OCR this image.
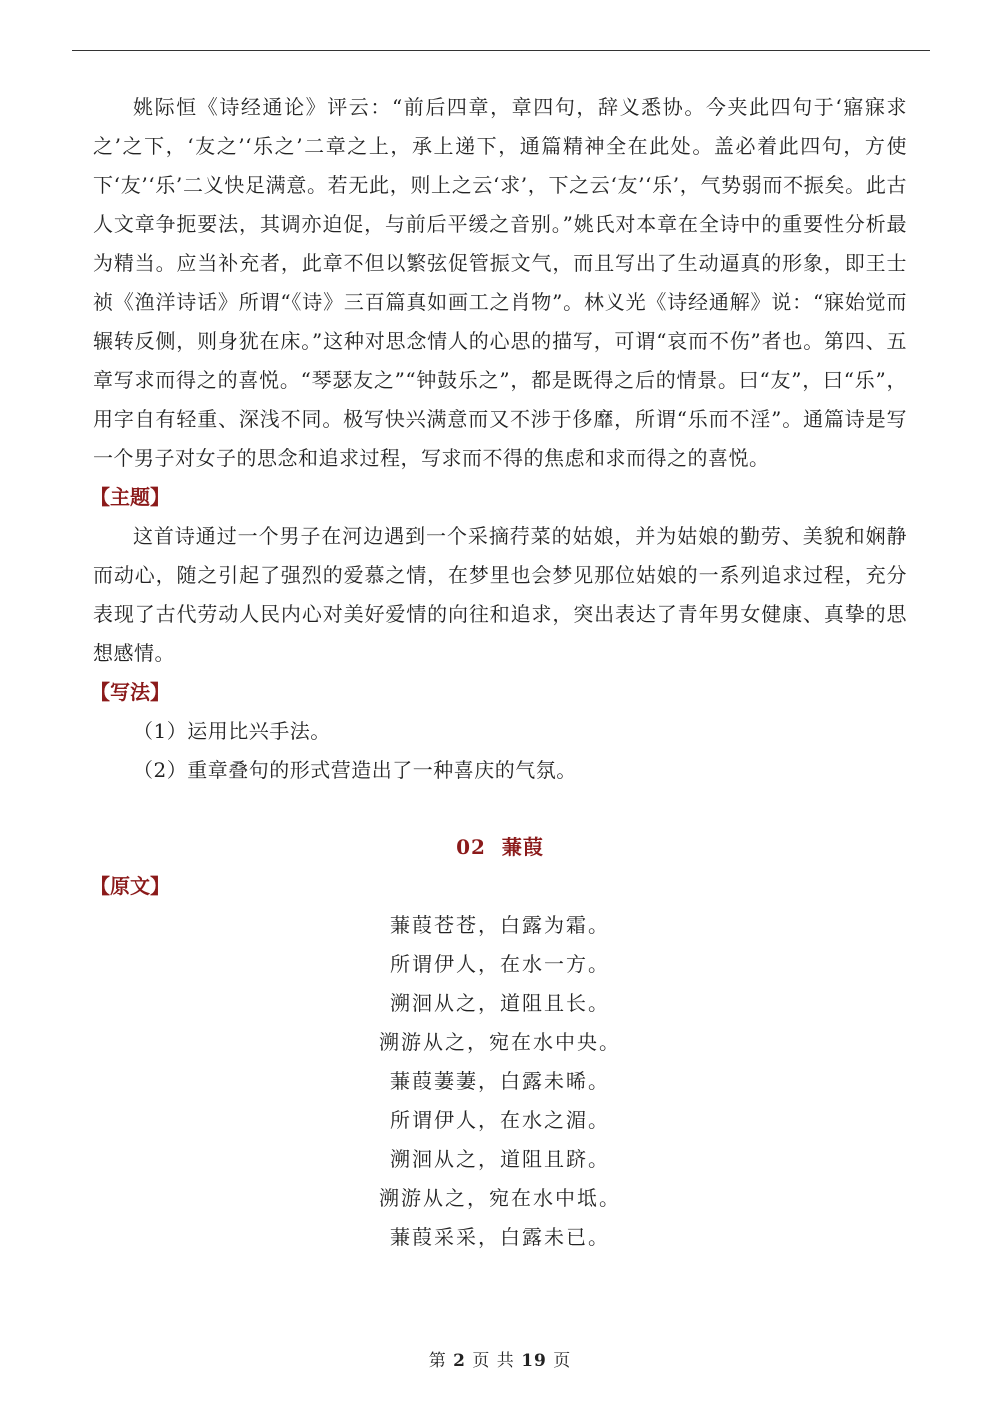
姚际恒《诗经通论》评云：“前后四章，章四句，辞义悉协。今夹此四句于‘寤寐求之’之下，‘友之’‘乐之’二章之上，承上递下，通篇精神全在此处。盖必着此四句，方使下‘友’‘乐’二义快足满意。若无此，则上之云‘求’，下之云‘友’‘乐’，气势弱而不振矣。此古人文章争扼要法，其调亦迫促，与前后平缓之音别。”姚氏对本章在全诗中的重要性分析最为精当。应当补充者，此章不但以繁弦促管振文气，而且写出了生动逼真的形象，即王士祯《渔洋诗话》所谓“《诗》三百篇真如画工之肖物”。林义光《诗经通解》说：“寐始觉而辗转反侧，则身犹在床。”这种对思念情人的心思的描写，可谓“哀而不伤”者也。第四、五章写求而得之的喜悦。“琴瑟友之”“钟鼓乐之”，都是既得之后的情景。曰“友”，曰“乐”，用字自有轻重、深浅不同。极写快兴满意而又不涉于侈靡，所谓“乐而不淫”。通篇诗是写一个男子对女子的思念和追求过程，写求而不得的焦虑和求而得之的喜悦。

【主题】

这首诗通过一个男子在河边遇到一个采摘荇菜的姑娘，并为姑娘的勤劳、美貌和娴静而动心，随之引起了强烈的爱慕之情，在梦里也会梦见那位姑娘的一系列追求过程，充分表现了古代劳动人民内心对美好爱情的向往和追求，突出表达了青年男女健康、真挚的思想感情。

【写法】
（1）运用比兴手法。
（2）重章叠句的形式营造出了一种喜庆的气氛。
02  蒹葭
【原文】
蒹葭苍苍，白露为霜。
所谓伊人，在水一方。
溯洄从之，道阻且长。
溯游从之，宛在水中央。
蒹葭萋萋，白露未晞。
所谓伊人，在水之湄。
溯洄从之，道阻且跻。
溯游从之，宛在水中坻。
蒹葭采采，白露未已。
第 2 页 共 19 页
